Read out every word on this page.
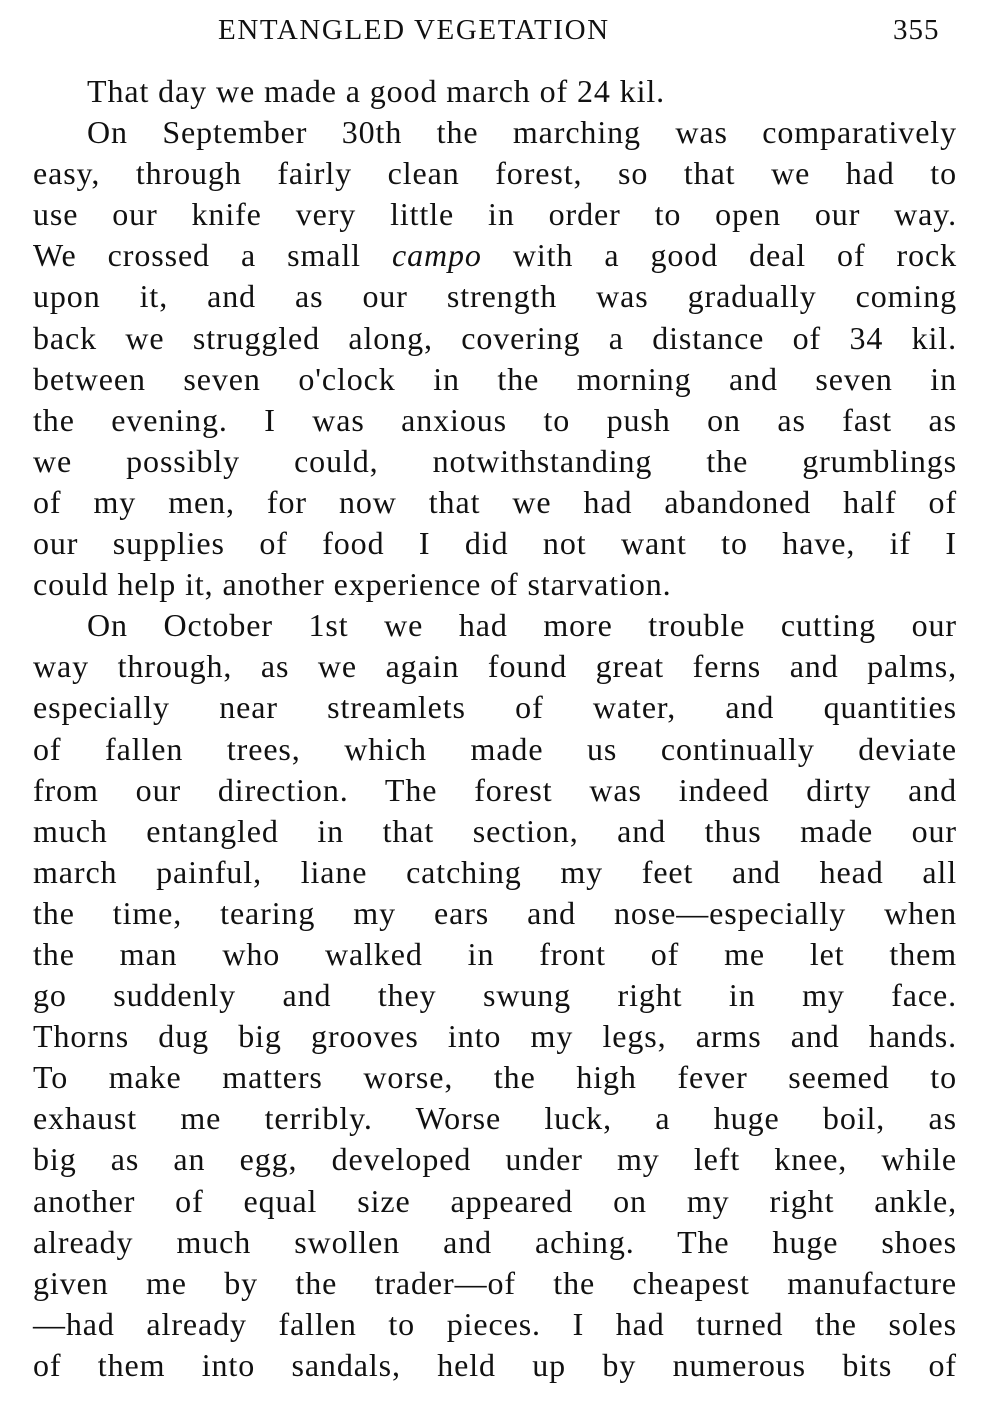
ENTANGLED VEGETATION	355
That day we made a good march of 24 kil.
On September 30th the marching was comparatively
easy, through fairly clean forest, so that we had to
use our knife very little in order to open our way.
We crossed a small campo with a good deal of rock
upon it, and as our strength was gradually coming
back we struggled along, covering a distance of 34 kil.
between seven o'clock in the morning and seven in
the evening. I was anxious to push on as fast as
we possibly could, notwithstanding the grumblings
of my men, for now that we had abandoned half of
our supplies of food I did not want to have, if I
could help it, another experience of starvation.
On October 1st we had more trouble cutting our
way through, as we again found great ferns and palms,
especially near streamlets of water, and quantities
of fallen trees, which made us continually deviate
from our direction. The forest was indeed dirty and
much entangled in that section, and thus made our
march painful, liane catching my feet and head all
the time, tearing my ears and nose—especially when
the man who walked in front of me let them
go suddenly and they swung right in my face.
Thorns dug big grooves into my legs, arms and hands.
To make matters worse, the high fever seemed to
exhaust me terribly. Worse luck, a huge boil, as
big as an egg, developed under my left knee, while
another of equal size appeared on my right ankle,
already much swollen and aching. The huge shoes
given me by the trader—of the cheapest manufacture
—had already fallen to pieces. I had turned the soles
of them into sandals, held up by numerous bits of
